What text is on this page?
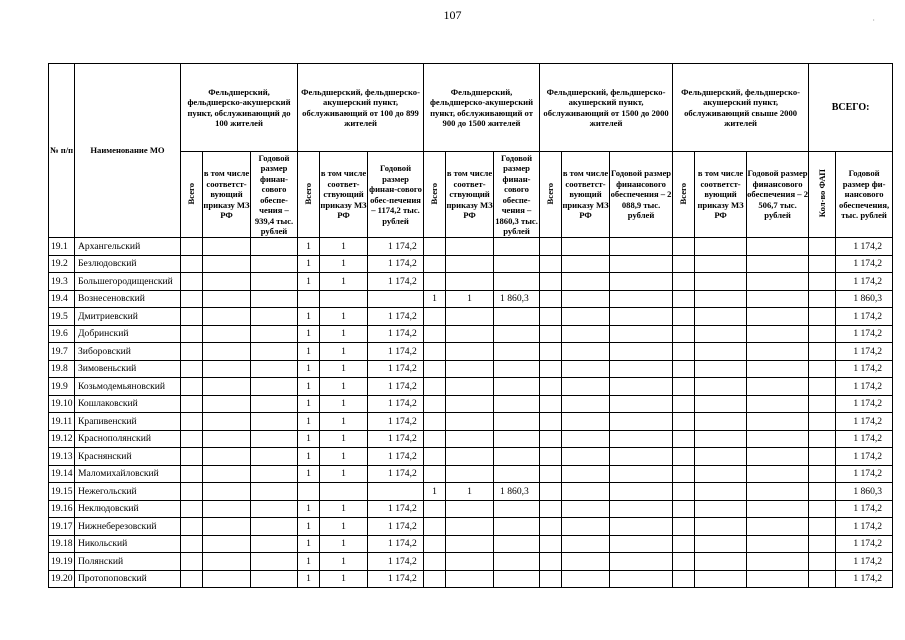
107	·
№ п/п	Наименование МО	Фельдшерский, фельдшерско-акушерский пункт, обслуживающий до 100 жителей			Фельдшерский, фельдшерско-акушерский пункт, обслуживающий от 100 до 899 жителей			Фельдшерский, фельдшерско-акушерский пункт, обслуживающий от 900 до 1500 жителей			Фельдшерский, фельдшерско-акушерский пункт, обслуживающий от 1500 до 2000 жителей			Фельдшерский, фельдшерско-акушерский пункт, обслуживающий свыше 2000 жителей			ВСЕГО:	
		Всего	в том числе соответст-вующий приказу МЗ РФ	Годовой размер финан-сового обеспе-чения – 939,4 тыс. рублей	Всего	в том числе соответ-ствующий приказу МЗ РФ	Годовой размер финан-сового обес-печения – 1174,2 тыс. рублей	Всего	в том числе соответ-ствующий приказу МЗ РФ	Годовой размер финан-сового обеспе-чения – 1860,3 тыс. рублей	Всего	в том числе соответст-вующий приказу МЗ РФ	Годовой размер финансового обеспечения – 2 088,9 тыс. рублей	Всего	в том числе соответст-вующий приказу МЗ РФ	Годовой размер финансового обеспечения – 2 506,7 тыс. рублей	Кол-во ФАП	Годовой размер фи-нансового обеспечения, тыс. рублей
19.1	Архангельский				1	1	1 174,2											1 174,2
19.2	Безлюдовский				1	1	1 174,2											1 174,2
19.3	Большегородищенский				1	1	1 174,2											1 174,2
19.4	Вознесеновский							1	1	1 860,3								1 860,3
19.5	Дмитриевский				1	1	1 174,2											1 174,2
19.6	Добринский				1	1	1 174,2											1 174,2
19.7	Зиборовский				1	1	1 174,2											1 174,2
19.8	Зимовеньский				1	1	1 174,2											1 174,2
19.9	Козьмодемьяновский				1	1	1 174,2											1 174,2
19.10	Кошлаковский				1	1	1 174,2											1 174,2
19.11	Крапивенский				1	1	1 174,2											1 174,2
19.12	Краснополянский				1	1	1 174,2											1 174,2
19.13	Краснянский				1	1	1 174,2											1 174,2
19.14	Маломихайловский				1	1	1 174,2											1 174,2
19.15	Нежегольский							1	1	1 860,3								1 860,3
19.16	Неклюдовский				1	1	1 174,2											1 174,2
19.17	Нижнеберезовский				1	1	1 174,2											1 174,2
19.18	Никольский				1	1	1 174,2											1 174,2
19.19	Полянский				1	1	1 174,2											1 174,2
19.20	Протопоповский				1	1	1 174,2											1 174,2
